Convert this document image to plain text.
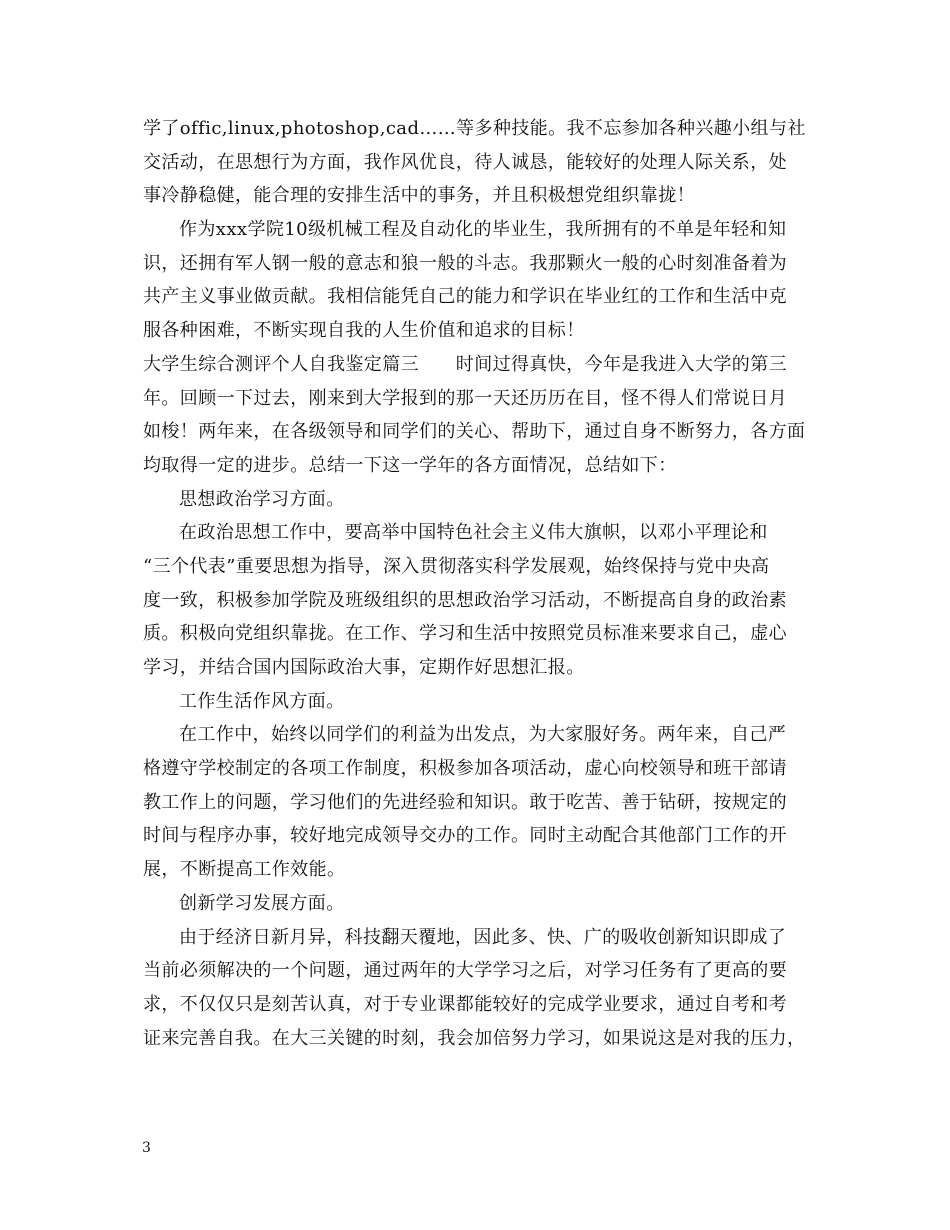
学了offic,linux,photoshop,cad……等多种技能。我不忘参加各种兴趣小组与社
交活动，在思想行为方面，我作风优良，待人诚恳，能较好的处理人际关系，处
事冷静稳健，能合理的安排生活中的事务，并且积极想党组织靠拢！
作为xxx学院10级机械工程及自动化的毕业生，我所拥有的不单是年轻和知
识，还拥有军人钢一般的意志和狼一般的斗志。我那颗火一般的心时刻准备着为
共产主义事业做贡献。我相信能凭自己的能力和学识在毕业红的工作和生活中克
服各种困难，不断实现自我的人生价值和追求的目标！
大学生综合测评个人自我鉴定篇三　　时间过得真快，今年是我进入大学的第三
年。回顾一下过去，刚来到大学报到的那一天还历历在目，怪不得人们常说日月
如梭！两年来，在各级领导和同学们的关心、帮助下，通过自身不断努力，各方面
均取得一定的进步。总结一下这一学年的各方面情况，总结如下：
思想政治学习方面。
在政治思想工作中，要高举中国特色社会主义伟大旗帜，以邓小平理论和
“三个代表”重要思想为指导，深入贯彻落实科学发展观，始终保持与党中央高
度一致，积极参加学院及班级组织的思想政治学习活动，不断提高自身的政治素
质。积极向党组织靠拢。在工作、学习和生活中按照党员标准来要求自己，虚心
学习，并结合国内国际政治大事，定期作好思想汇报。
工作生活作风方面。
在工作中，始终以同学们的利益为出发点，为大家服好务。两年来，自己严
格遵守学校制定的各项工作制度，积极参加各项活动，虚心向校领导和班干部请
教工作上的问题，学习他们的先进经验和知识。敢于吃苦、善于钻研，按规定的
时间与程序办事，较好地完成领导交办的工作。同时主动配合其他部门工作的开
展，不断提高工作效能。
创新学习发展方面。
由于经济日新月异，科技翻天覆地，因此多、快、广的吸收创新知识即成了
当前必须解决的一个问题，通过两年的大学学习之后，对学习任务有了更高的要
求，不仅仅只是刻苦认真，对于专业课都能较好的完成学业要求，通过自考和考
证来完善自我。在大三关键的时刻，我会加倍努力学习，如果说这是对我的压力，
3
